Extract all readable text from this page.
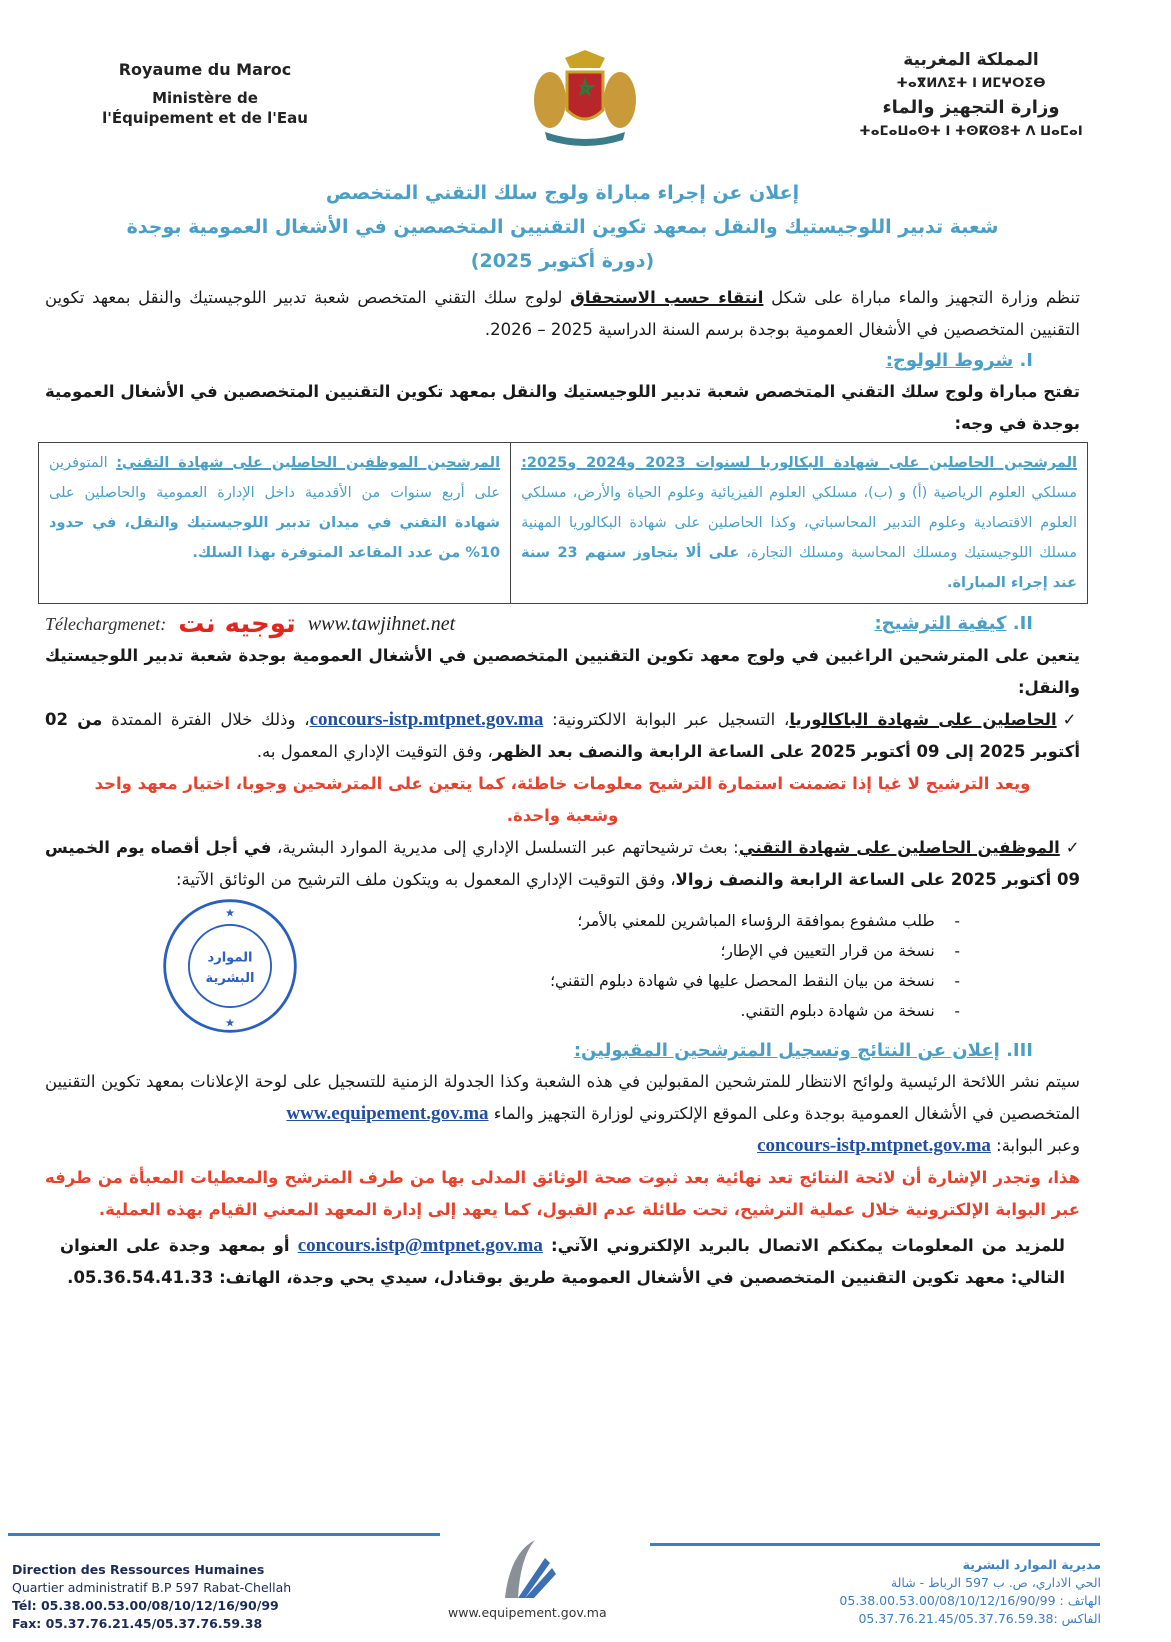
Royaume du Maroc
Ministère de
l'Équipement et de l'Eau
المملكة المغربية
ⵜⴰⴳⵍⴷⵉⵜ ⵏ ⵍⵎⵖⵔⵉⴱ
وزارة التجهيز والماء
ⵜⴰⵎⴰⵡⴰⵙⵜ ⵏ ⵜⵙⴽⵙⵓⵜ ⴷ ⵡⴰⵎⴰⵏ
إعلان عن إجراء مباراة ولوج سلك التقني المتخصص
شعبة تدبير اللوجيستيك والنقل بمعهد تكوين التقنيين المتخصصين في الأشغال العمومية بوجدة
(دورة أكتوبر 2025)
تنظم وزارة التجهيز والماء مباراة على شكل انتقاء حسب الاستحقاق لولوج سلك التقني المتخصص شعبة تدبير اللوجيستيك والنقل بمعهد تكوين التقنيين المتخصصين في الأشغال العمومية بوجدة برسم السنة الدراسية 2025 – 2026.
I. شروط الولوج:
تفتح مباراة ولوج سلك التقني المتخصص شعبة تدبير اللوجيستيك والنقل بمعهد تكوين التقنيين المتخصصين في الأشغال العمومية بوجدة في وجه:
المرشحين الحاصلين على شهادة البكالوريا لسنوات 2023 و2024 و2025: مسلكي العلوم الرياضية (أ) و (ب)، مسلكي العلوم الفيزيائية وعلوم الحياة والأرض، مسلكي العلوم الاقتصادية وعلوم التدبير المحاسباتي، وكذا الحاصلين على شهادة البكالوريا المهنية مسلك اللوجيستيك ومسلك المحاسبة ومسلك التجارة، على ألا يتجاوز سنهم 23 سنة عند إجراء المباراة.	المرشحين الموظفين الحاصلين على شهادة التقني: المتوفرين على أربع سنوات من الأقدمية داخل الإدارة العمومية والحاصلين على شهادة التقني في ميدان تدبير اللوجيستيك والنقل، في حدود 10% من عدد المقاعد المتوفرة بهذا السلك.
II. كيفية الترشيح:
Télechargmenet: توجيه نت www.tawjihnet.net
يتعين على المترشحين الراغبين في ولوج معهد تكوين التقنيين المتخصصين في الأشغال العمومية بوجدة شعبة تدبير اللوجيستيك والنقل:
✓الحاصلين على شهادة الباكالوريا، التسجيل عبر البوابة الالكترونية: concours-istp.mtpnet.gov.ma، وذلك خلال الفترة الممتدة من 02 أكتوبر 2025 إلى 09 أكتوبر 2025 على الساعة الرابعة والنصف بعد الظهر، وفق التوقيت الإداري المعمول به.
ويعد الترشيح لا غيا إذا تضمنت استمارة الترشيح معلومات خاطئة، كما يتعين على المترشحين وجوبا، اختيار معهد واحد وشعبة واحدة.
✓الموظفين الحاصلين على شهادة التقني: بعث ترشيحاتهم عبر التسلسل الإداري إلى مديرية الموارد البشرية، في أجل أقصاه يوم الخميس 09 أكتوبر 2025 على الساعة الرابعة والنصف زوالا، وفق التوقيت الإداري المعمول به ويتكون ملف الترشيح من الوثائق الآتية:
-    طلب مشفوع بموافقة الرؤساء المباشرين للمعني بالأمر؛
-    نسخة من قرار التعيين في الإطار؛
-    نسخة من بيان النقط المحصل عليها في شهادة دبلوم التقني؛
-    نسخة من شهادة دبلوم التقني.
الموارد
البشرية
★
★
III. إعلان عن النتائج وتسجيل المترشحين المقبولين:
سيتم نشر اللائحة الرئيسية ولوائح الانتظار للمترشحين المقبولين في هذه الشعبة وكذا الجدولة الزمنية للتسجيل على لوحة الإعلانات بمعهد تكوين التقنيين المتخصصين في الأشغال العمومية بوجدة وعلى الموقع الإلكتروني لوزارة التجهيز والماء www.equipement.gov.ma
وعبر البوابة: concours-istp.mtpnet.gov.ma
هذا، وتجدر الإشارة أن لائحة النتائج تعد نهائية بعد ثبوت صحة الوثائق المدلى بها من طرف المترشح والمعطيات المعبأة من طرفه عبر البوابة الإلكترونية خلال عملية الترشيح، تحت طائلة عدم القبول، كما يعهد إلى إدارة المعهد المعني القيام بهذه العملية.
للمزيد من المعلومات يمكنكم الاتصال بالبريد الإلكتروني الآتي: concours.istp@mtpnet.gov.ma أو بمعهد وجدة على العنوان التالي: معهد تكوين التقنيين المتخصصين في الأشغال العمومية طريق بوقنادل، سيدي يحي وجدة، الهاتف: 05.36.54.41.33.
Direction des Ressources Humaines
Quartier administratif B.P 597 Rabat-Chellah
Tél: 05.38.00.53.00/08/10/12/16/90/99
Fax: 05.37.76.21.45/05.37.76.59.38
www.equipement.gov.ma
مديرية الموارد البشرية
الحي الاداري، ص. ب 597 الرباط - شالة
الهاتف : 05.38.00.53.00/08/10/12/16/90/99
الفاكس :05.37.76.21.45/05.37.76.59.38
